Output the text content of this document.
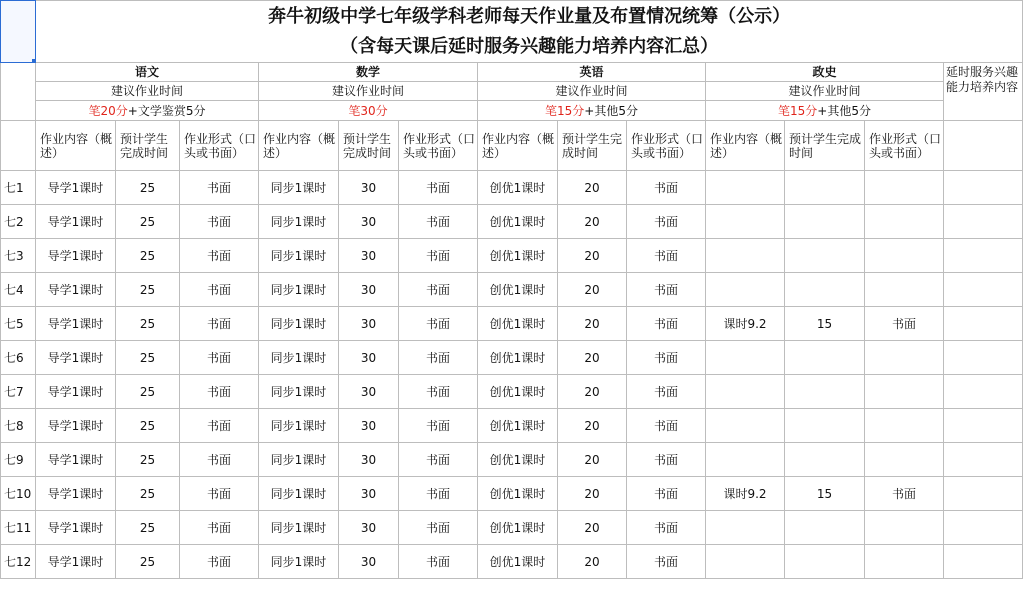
	奔牛初级中学七年级学科老师每天作业量及布置情况统筹（公示）												
	（含每天课后延时服务兴趣能力培养内容汇总）												
	语文			数学			英语			政史			延时服务兴趣能力培养内容
	建议作业时间			建议作业时间			建议作业时间			建议作业时间			
	笔20分+文学鉴赏5分			笔30分			笔15分+其他5分			笔15分+其他5分			
	作业内容（概述）	预计学生完成时间	作业形式（口头或书面）	作业内容（概述）	预计学生完成时间	作业形式（口头或书面）	作业内容（概述）	预计学生完成时间	作业形式（口头或书面）	作业内容（概述）	预计学生完成时间	作业形式（口头或书面）	
七1	导学1课时	25	书面	同步1课时	30	书面	创优1课时	20	书面				
七2	导学1课时	25	书面	同步1课时	30	书面	创优1课时	20	书面				
七3	导学1课时	25	书面	同步1课时	30	书面	创优1课时	20	书面				
七4	导学1课时	25	书面	同步1课时	30	书面	创优1课时	20	书面				
七5	导学1课时	25	书面	同步1课时	30	书面	创优1课时	20	书面	课时9.2	15	书面	
七6	导学1课时	25	书面	同步1课时	30	书面	创优1课时	20	书面				
七7	导学1课时	25	书面	同步1课时	30	书面	创优1课时	20	书面				
七8	导学1课时	25	书面	同步1课时	30	书面	创优1课时	20	书面				
七9	导学1课时	25	书面	同步1课时	30	书面	创优1课时	20	书面				
七10	导学1课时	25	书面	同步1课时	30	书面	创优1课时	20	书面	课时9.2	15	书面	
七11	导学1课时	25	书面	同步1课时	30	书面	创优1课时	20	书面				
七12	导学1课时	25	书面	同步1课时	30	书面	创优1课时	20	书面				
